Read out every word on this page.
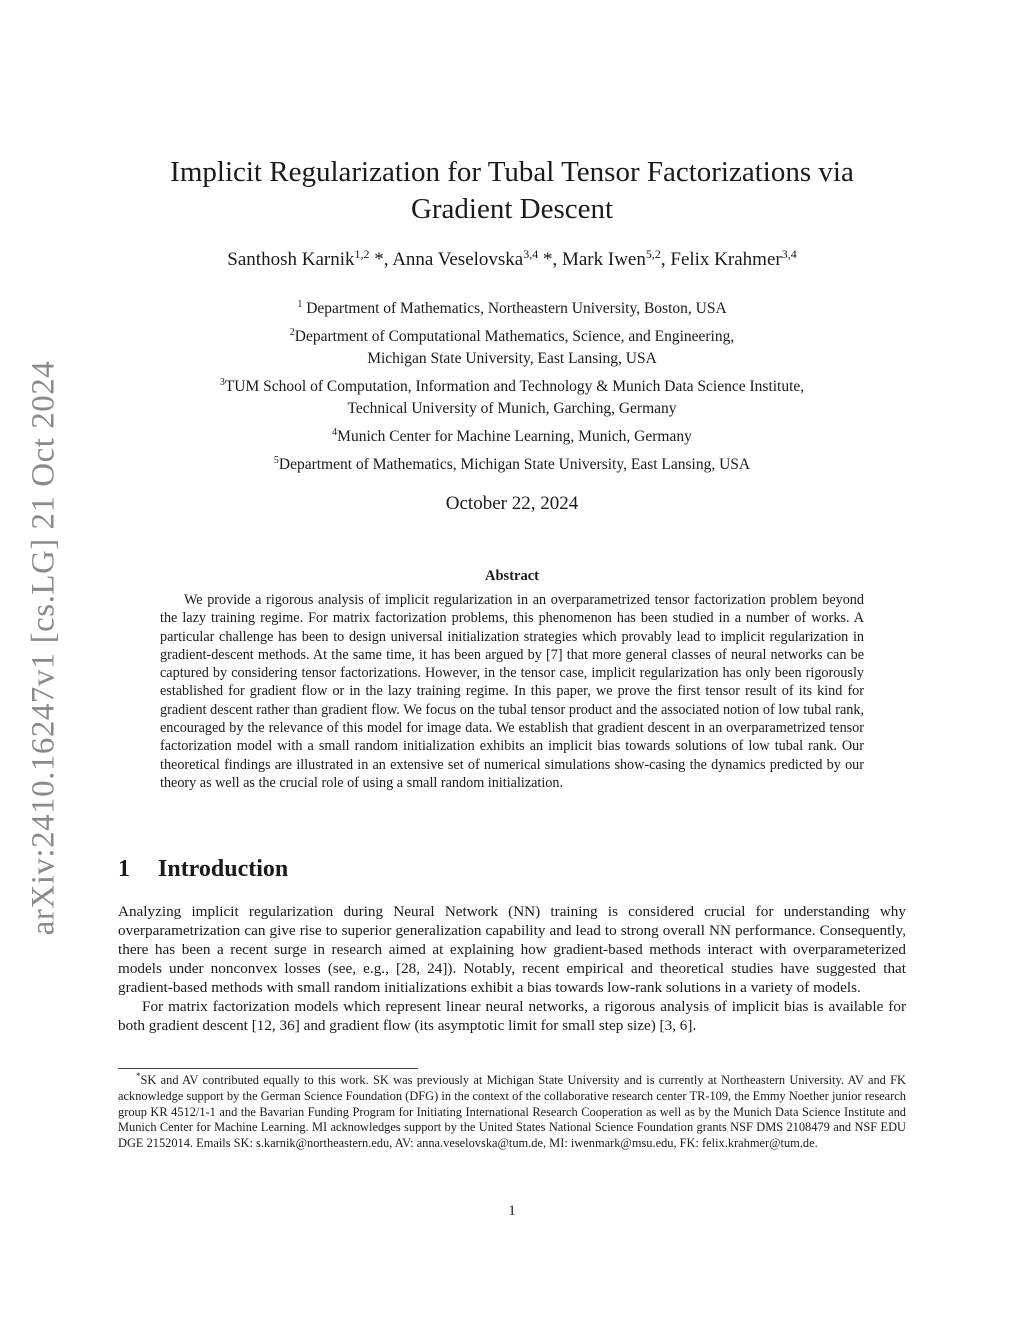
arXiv:2410.16247v1 [cs.LG] 21 Oct 2024
Implicit Regularization for Tubal Tensor Factorizations via Gradient Descent
Santhosh Karnik$^{1,2}$ *, Anna Veselovska$^{3,4}$ *, Mark Iwen$^{5,2}$, Felix Krahmer$^{3,4}$
$^1$ Department of Mathematics, Northeastern University, Boston, USA
$^2$Department of Computational Mathematics, Science, and Engineering,
Michigan State University, East Lansing, USA
$^3$TUM School of Computation, Information and Technology & Munich Data Science Institute,
Technical University of Munich, Garching, Germany
$^4$Munich Center for Machine Learning, Munich, Germany
$^5$Department of Mathematics, Michigan State University, East Lansing, USA
October 22, 2024
Abstract
We provide a rigorous analysis of implicit regularization in an overparametrized tensor factorization problem beyond the lazy training regime. For matrix factorization problems, this phenomenon has been studied in a number of works. A particular challenge has been to design universal initialization strategies which provably lead to implicit regularization in gradient-descent methods. At the same time, it has been argued by [7] that more general classes of neural networks can be captured by considering tensor factorizations. However, in the tensor case, implicit regularization has only been rigorously established for gradient flow or in the lazy training regime. In this paper, we prove the first tensor result of its kind for gradient descent rather than gradient flow. We focus on the tubal tensor product and the associated notion of low tubal rank, encouraged by the relevance of this model for image data. We establish that gradient descent in an overparametrized tensor factorization model with a small random initialization exhibits an implicit bias towards solutions of low tubal rank. Our theoretical findings are illustrated in an extensive set of numerical simulations show-casing the dynamics predicted by our theory as well as the crucial role of using a small random initialization.
1 Introduction

Analyzing implicit regularization during Neural Network (NN) training is considered crucial for understanding why overparametrization can give rise to superior generalization capability and lead to strong overall NN performance. Consequently, there has been a recent surge in research aimed at explaining how gradient-based methods interact with overparameterized models under nonconvex losses (see, e.g., [28, 24]). Notably, recent empirical and theoretical studies have suggested that gradient-based methods with small random initializations exhibit a bias towards low-rank solutions in a variety of models.

For matrix factorization models which represent linear neural networks, a rigorous analysis of implicit bias is available for both gradient descent [12, 36] and gradient flow (its asymptotic limit for small step size) [3, 6].

*SK and AV contributed equally to this work. SK was previously at Michigan State University and is currently at Northeastern University. AV and FK acknowledge support by the German Science Foundation (DFG) in the context of the collaborative research center TR-109, the Emmy Noether junior research group KR 4512/1-1 and the Bavarian Funding Program for Initiating International Research Cooperation as well as by the Munich Data Science Institute and Munich Center for Machine Learning. MI acknowledges support by the United States National Science Foundation grants NSF DMS 2108479 and NSF EDU DGE 2152014. Emails SK: s.karnik@northeastern.edu, AV: anna.veselovska@tum.de, MI: iwenmark@msu.edu, FK: felix.krahmer@tum.de.
1
